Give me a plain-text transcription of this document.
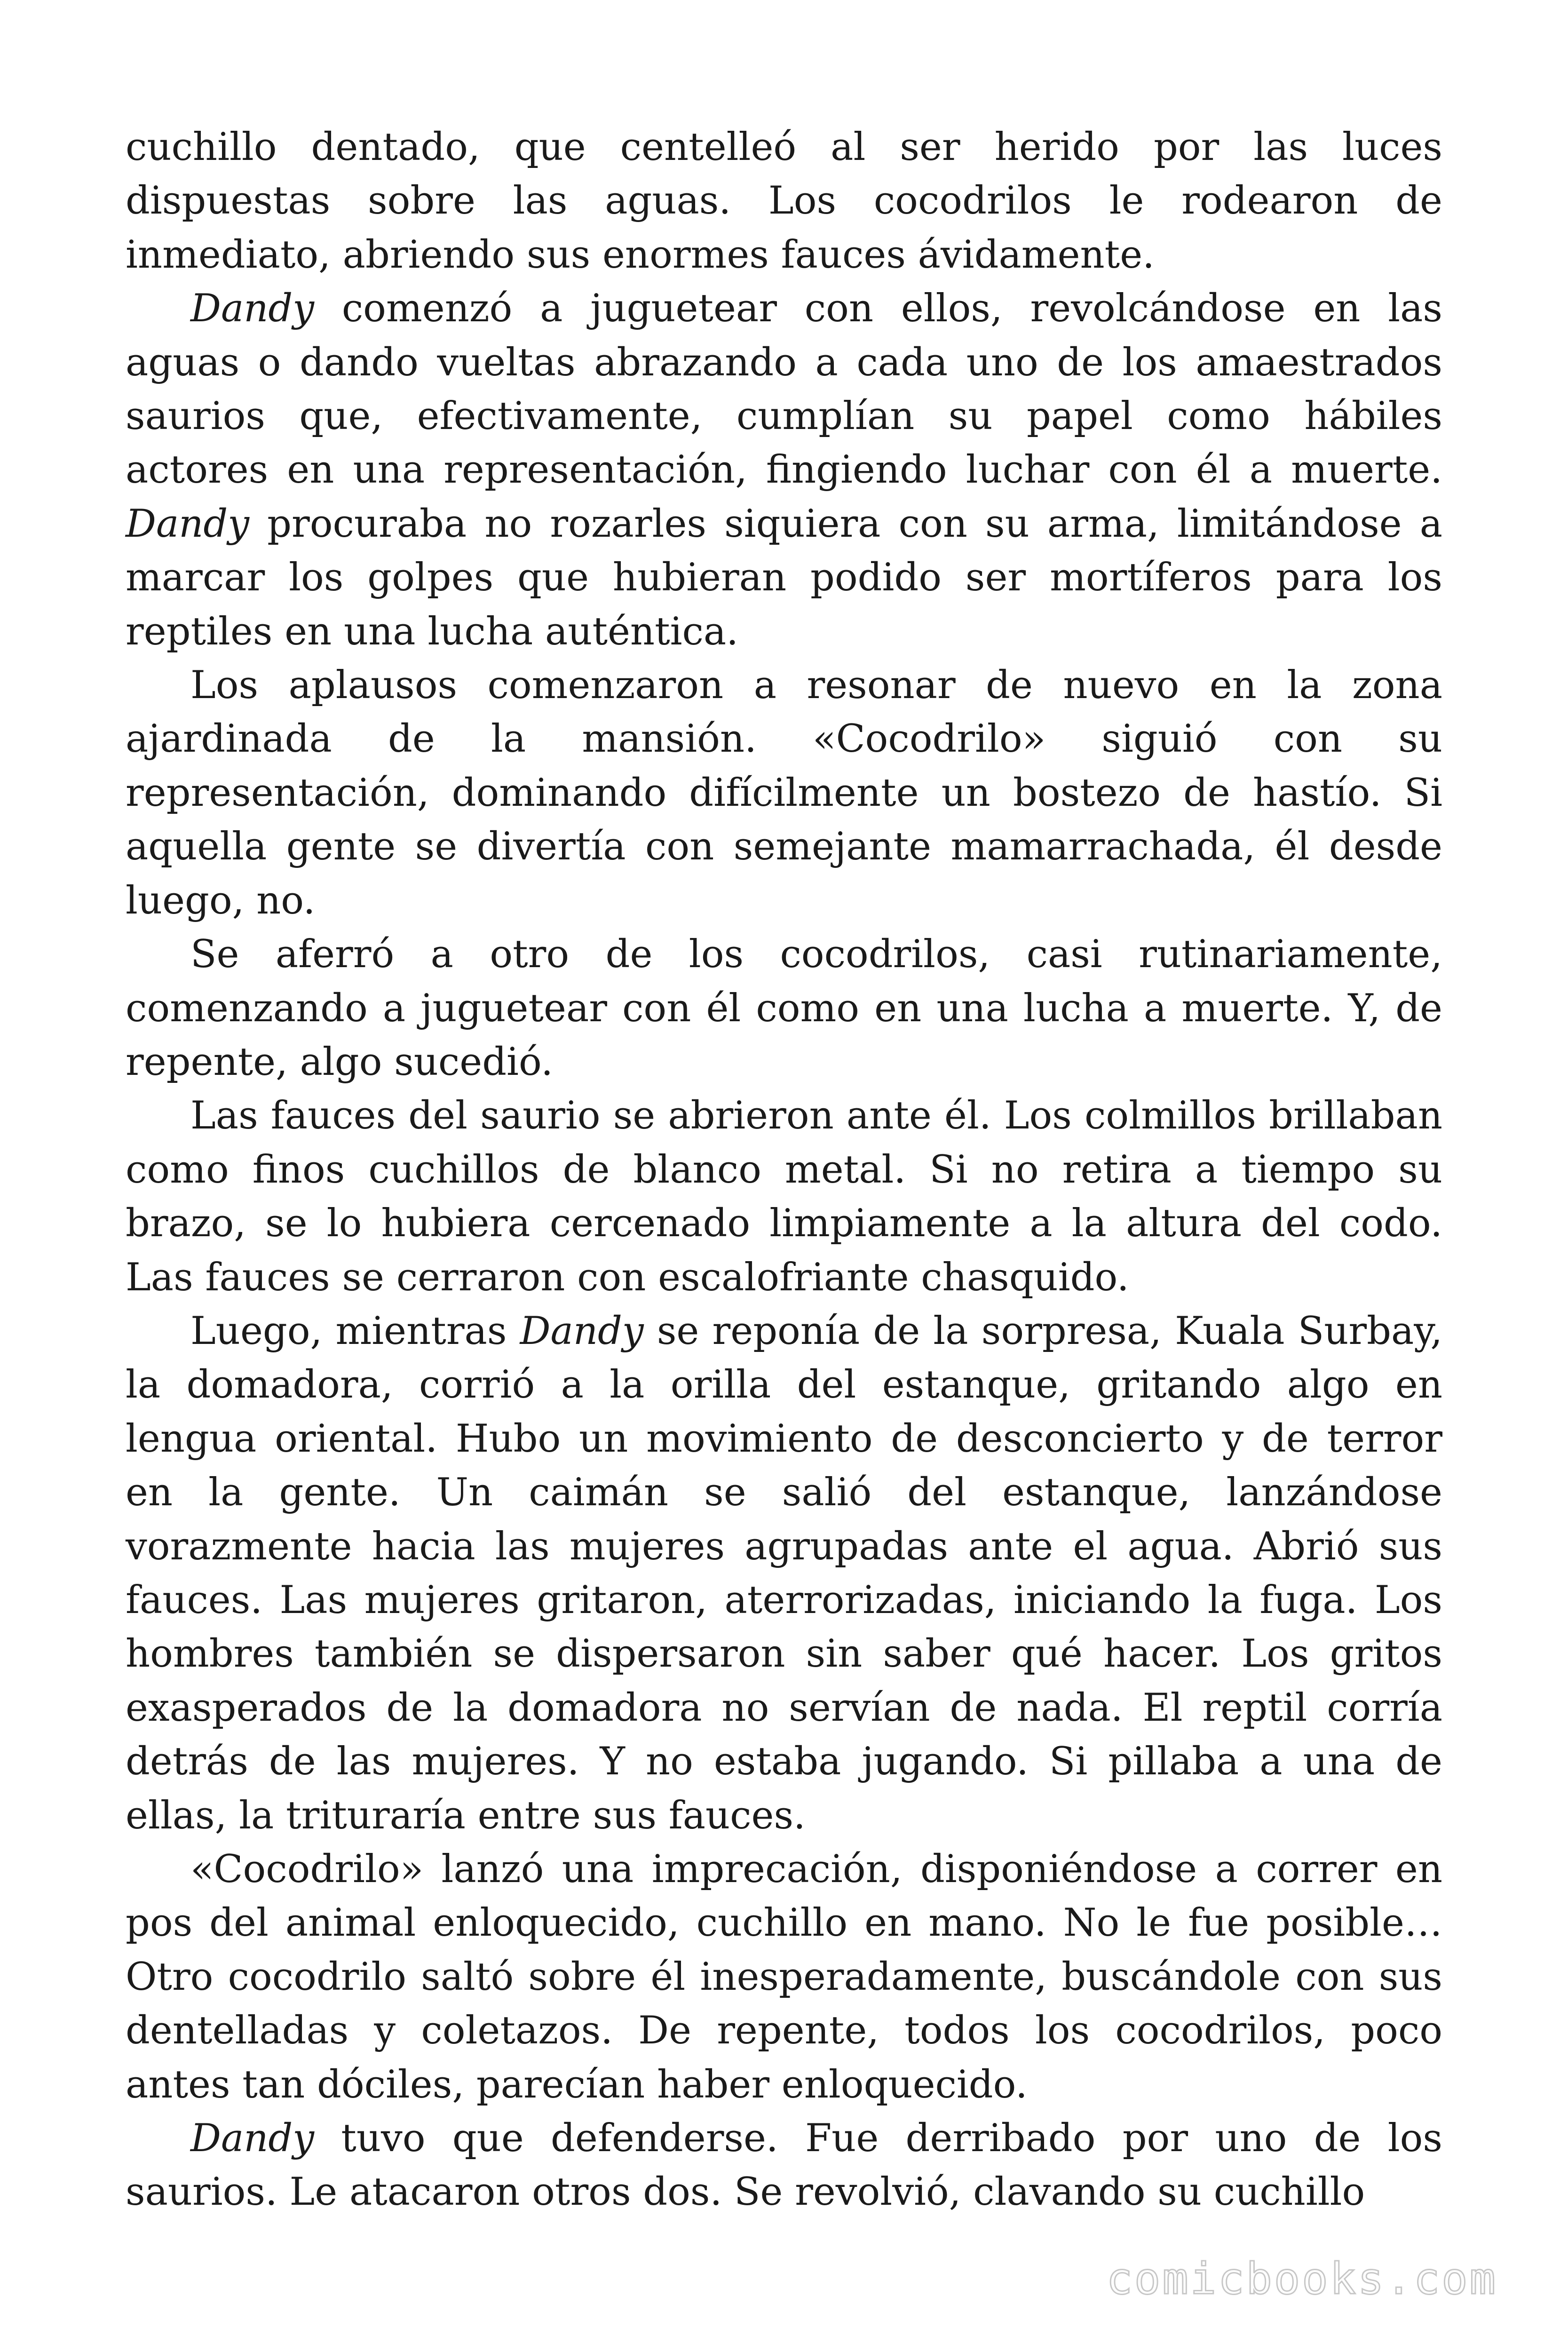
cuchillo dentado, que centelleó al ser herido por las luces dispuestas sobre las aguas. Los cocodrilos le rodearon de inmediato, abriendo sus enormes fauces ávidamente.

Dandy comenzó a juguetear con ellos, revolcándose en las aguas o dando vueltas abrazando a cada uno de los amaestrados saurios que, efectivamente, cumplían su papel como hábiles actores en una representación, fingiendo luchar con él a muerte. Dandy procuraba no rozarles siquiera con su arma, limitándose a marcar los golpes que hubieran podido ser mortíferos para los reptiles en una lucha auténtica.

Los aplausos comenzaron a resonar de nuevo en la zona ajardinada de la mansión. «Cocodrilo» siguió con su representación, dominando difícilmente un bostezo de hastío. Si aquella gente se divertía con semejante mamarrachada, él desde luego, no.

Se aferró a otro de los cocodrilos, casi rutinariamente, comenzando a juguetear con él como en una lucha a muerte. Y, de repente, algo sucedió.

Las fauces del saurio se abrieron ante él. Los colmillos brillaban como finos cuchillos de blanco metal. Si no retira a tiempo su brazo, se lo hubiera cercenado limpiamente a la altura del codo. Las fauces se cerraron con escalofriante chasquido.

Luego, mientras Dandy se reponía de la sorpresa, Kuala Surbay, la domadora, corrió a la orilla del estanque, gritando algo en lengua oriental. Hubo un movimiento de desconcierto y de terror en la gente. Un caimán se salió del estanque, lanzándose vorazmente hacia las mujeres agrupadas ante el agua. Abrió sus fauces. Las mujeres gritaron, aterrorizadas, iniciando la fuga. Los hombres también se dispersaron sin saber qué hacer. Los gritos exasperados de la domadora no servían de nada. El reptil corría detrás de las mujeres. Y no estaba jugando. Si pillaba a una de ellas, la trituraría entre sus fauces.

«Cocodrilo» lanzó una imprecación, disponiéndose a correr en pos del animal enloquecido, cuchillo en mano. No le fue posible… Otro cocodrilo saltó sobre él inesperadamente, buscándole con sus dentelladas y coletazos. De repente, todos los cocodrilos, poco antes tan dóciles, parecían haber enloquecido.

Dandy tuvo que defenderse. Fue derribado por uno de los saurios. Le atacaron otros dos. Se revolvió, clavando su cuchillo

comicbooks.com
